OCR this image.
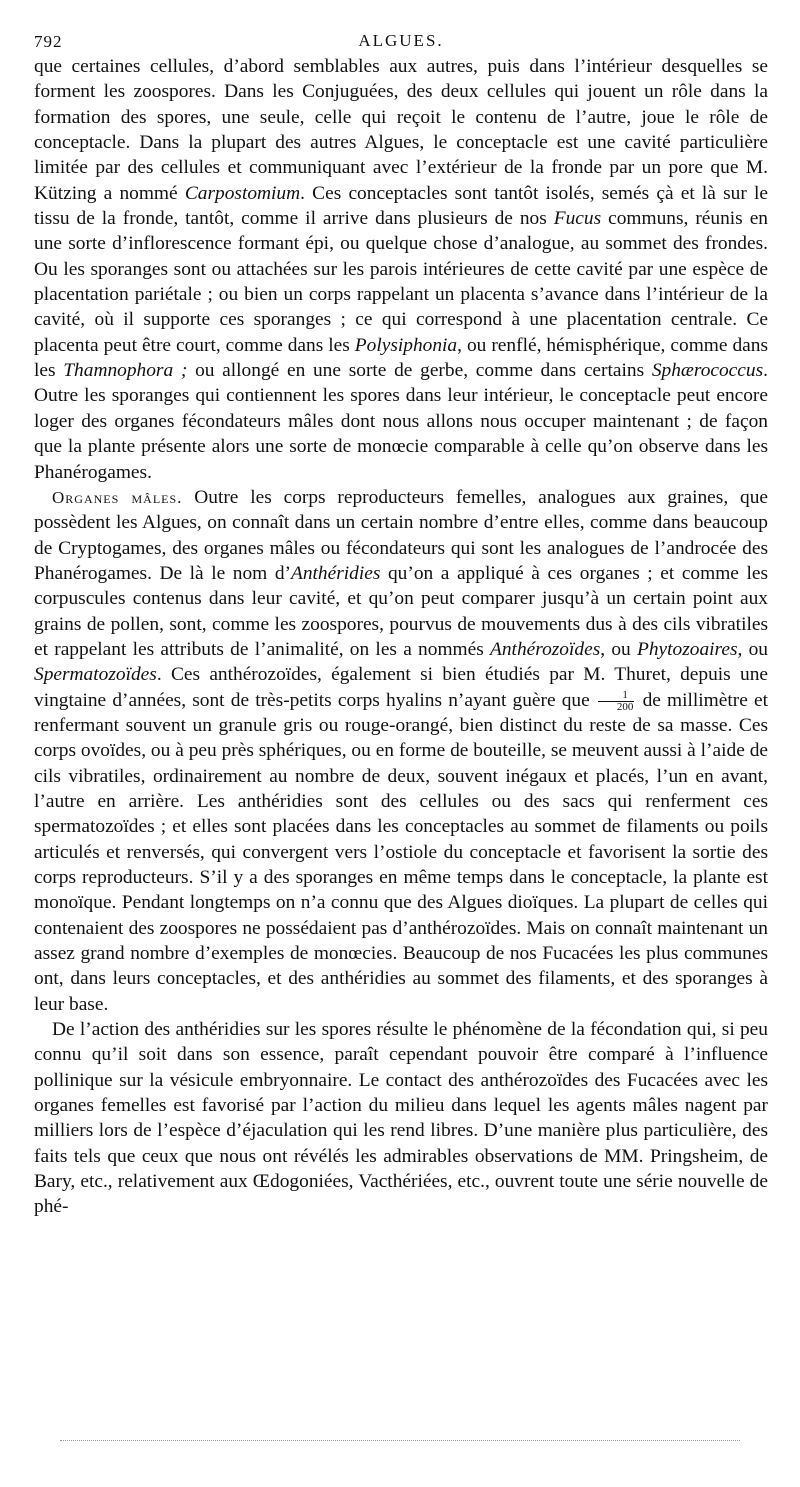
792	ALGUES.

que certaines cellules, d’abord semblables aux autres, puis dans l’intérieur desquelles se forment les zoospores. Dans les Conjuguées, des deux cellules qui jouent un rôle dans la formation des spores, une seule, celle qui reçoit le contenu de l’autre, joue le rôle de conceptacle. Dans la plupart des autres Algues, le conceptacle est une cavité particulière limitée par des cellules et communiquant avec l’extérieur de la fronde par un pore que M. Kützing a nommé Carpostomium. Ces conceptacles sont tantôt isolés, semés çà et là sur le tissu de la fronde, tantôt, comme il arrive dans plusieurs de nos Fucus communs, réunis en une sorte d’inflorescence formant épi, ou quelque chose d’analogue, au sommet des frondes. Ou les sporanges sont ou attachées sur les parois intérieures de cette cavité par une espèce de placentation pariétale ; ou bien un corps rappelant un placenta s’avance dans l’intérieur de la cavité, où il supporte ces sporanges ; ce qui correspond à une placentation centrale. Ce placenta peut être court, comme dans les Polysiphonia, ou renflé, hémisphérique, comme dans les Thamnophora ; ou allongé en une sorte de gerbe, comme dans certains Sphærococcus. Outre les sporanges qui contiennent les spores dans leur intérieur, le conceptacle peut encore loger des organes fécondateurs mâles dont nous allons nous occuper maintenant ; de façon que la plante présente alors une sorte de monœcie comparable à celle qu’on observe dans les Phanérogames.

Organes mâles. Outre les corps reproducteurs femelles, analogues aux graines, que possèdent les Algues, on connaît dans un certain nombre d’entre elles, comme dans beaucoup de Cryptogames, des organes mâles ou fécondateurs qui sont les analogues de l’androcée des Phanérogames. De là le nom d’Anthéridies qu’on a appliqué à ces organes ; et comme les corpuscules contenus dans leur cavité, et qu’on peut comparer jusqu’à un certain point aux grains de pollen, sont, comme les zoospores, pourvus de mouvements dus à des cils vibratiles et rappelant les attributs de l’animalité, on les a nommés Anthérozoïdes, ou Phytozoaires, ou Spermatozoïdes. Ces anthérozoïdes, également si bien étudiés par M. Thuret, depuis une vingtaine d’années, sont de très-petits corps hyalins n’ayant guère que $\frac{1}{200}$ de millimètre et renfermant souvent un granule gris ou rouge-orangé, bien distinct du reste de sa masse. Ces corps ovoïdes, ou à peu près sphériques, ou en forme de bouteille, se meuvent aussi à l’aide de cils vibratiles, ordinairement au nombre de deux, souvent inégaux et placés, l’un en avant, l’autre en arrière. Les anthéridies sont des cellules ou des sacs qui renferment ces spermatozoïdes ; et elles sont placées dans les conceptacles au sommet de filaments ou poils articulés et renversés, qui convergent vers l’ostiole du conceptacle et favorisent la sortie des corps reproducteurs. S’il y a des sporanges en même temps dans le conceptacle, la plante est monoïque. Pendant longtemps on n’a connu que des Algues dioïques. La plupart de celles qui contenaient des zoospores ne possédaient pas d’anthérozoïdes. Mais on connaît maintenant un assez grand nombre d’exemples de monœcies. Beaucoup de nos Fucacées les plus communes ont, dans leurs conceptacles, et des anthéridies au sommet des filaments, et des sporanges à leur base.

De l’action des anthéridies sur les spores résulte le phénomène de la fécondation qui, si peu connu qu’il soit dans son essence, paraît cependant pouvoir être comparé à l’influence pollinique sur la vésicule embryonnaire. Le contact des anthérozoïdes des Fucacées avec les organes femelles est favorisé par l’action du milieu dans lequel les agents mâles nagent par milliers lors de l’espèce d’éjaculation qui les rend libres. D’une manière plus particulière, des faits tels que ceux que nous ont révélés les admirables observations de MM. Pringsheim, de Bary, etc., relativement aux Œdogoniées, Vacthériées, etc., ouvrent toute une série nouvelle de phé-
